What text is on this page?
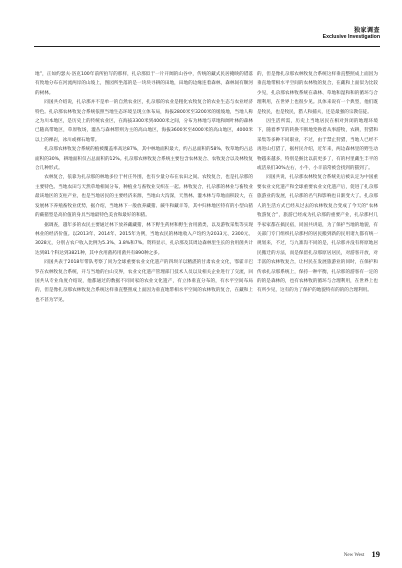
独家调查
Exclusive Investigation

地”，正如约瑟夫·洛克100年前所拍写的那样，扎尕那似于一片开阔的山谷中，传统的藏式民居掩映的错落有致地分布在河流两岸的山坡上，图园所坐落的是一块块寻耕的田地，田地的边缘连着森林，森林间有顺河的树林。

同国共介绍说，扎尕那并不是单一的自然农业区，扎尕那的农业是粗化农牧复合的农业生态与农业经济特色。扎尕那农林牧复合系统依照当地生态环境呈现立体布局，海拔2800米至3200米的缓坡地，当地人称之为川本地区，是历史上的传统农业区，在海拔3300米到4000米之间，分布为林地与草地和阔叶林的森林已随高带地区，草原牧场，灌丛与森林带则为主的高山地区，海拔3600米至4000米的高山地区，4000米以上的裸岩，冰川或裸石地带。

扎尕那农林牧复合系统的植被覆盖率高达87%，其中林地面积最大，约占总面积的58%，牧草地约占总面积的30%，耕地面积仅占总面积的12%。扎尕那农林牧复合系统主要包含农林复合、农牧复合以及林牧复合几种形式。

农林复合，依靠为扎尕那的林地多位于村庄外围，也有少量分布在农田之间。农牧复合，也是扎尕那的主要特色。当地农田与天然草地相间分布，种植业与畜牧业交织在一起。林牧复合，扎尕那的林业与畜牧业最该地区的支柱产业，也是当地居民的主要经济来源，当地山大沟深，天然林、灌木林与草地面积较大，在发展林下养殖畜牧业优势，据介绍，当地林下一般放养藏猪、蕨牛和藏羊等，其中归林地区特有的小型山猪的蕨猪型是高价值的身具当地最特色美食和最好的和猪。

据调查，越年多的农民主要通过林下放养藏藏猪，林下野生药材和野生食用菌类，以及游牧采集等实现林业的经济价值。以2013年、2014年、2015年为例，当地农民的林地收入户均约为2033元、2300元、3028元，分别占农户收入比例为5.3%、3.8%和7%。资料显示，扎尕那及其周边森林里生长的食用菌共计达到81个科达到3821种，其中食用菌药用菌共有890种之多。

同国共表于2018年带队考察了同为全球重要农业文化遗产的四坝羊以精湛的甘肃农业文化，鄂霍羊巴罗在农林牧复合系统，开与当地的白山交界，农业文化遗产管理部门技术人员以及相关企业进行了交流，回国共从专业角度介绍说，他都通过的数据不同同家的农业文化遗产，有立体垂直分布的，有水平空间布局的，但是像扎尕那农林牧复合系统这样垂直整照成上面因为垂直地带相水平空间的农林牧的复合，在藏和上也不甚为罕见。

的，但是像扎尕那农林牧复合系统这样垂直整照成上面因为垂直地带相水平空间的农林牧的复合，在藏和上面似为比较少见，扎尕那农林牧系统在森林、草地和湿和和的循环与合理利用，在世界上也很少见。具体来说有一个典型，他们既是牧民，也是牧民，猎人和捕夫，还是最强的宗教信徒。

因生活所需，历史上当地居民在相对封闭的地理环境下，随着季节的转换不断地变换着从事游牧，农耕，狩猎和采集等多种不同职业，不过，由于禁止狩猎，当地人已经不再进山打猎了，据村民介绍，近年来，两边森林里的野生动物越来越多，特别是猴比以前更多了，有的村里藏生丰平的或活泉们30%左右，小牛，小羊前常被会找到的猫到了。

同国共说，扎尕那农林牧复合系统先后被认定为中国重要农业文化遗产和全球重要农业文化遗产后，促进了扎尕那旅游业的发展，扎尕那的名气和影响也日渐变大了。扎尕那人的生活方式已经从过去的农林牧复合变成了今天的“农林牧游复合”，旅游已经成为扎尕那的重要产业，扎尕那村几乎家家都在搞民宿，同国共讲道，为了保护当地的地貌，有关部门专门组织扎尕那村的居民搬到新的民用诸九都有统一规划来，不过，与九寨沟不同的是，扎尕那并没有将原地居民搬迁的方法，而是保留扎尕那原居居民，对游客开放，对丰富的农林牧复合，让村民在发展旅游业的同时，在保护和传承扎尕那系统上，保持一种平衡，扎尕那的游客有一定的的的是森林的，也有农林牧的循环与合理利用，在世界上也有所少见，这有的为了保护的地貌特有的的的合理利用。

New West 19
